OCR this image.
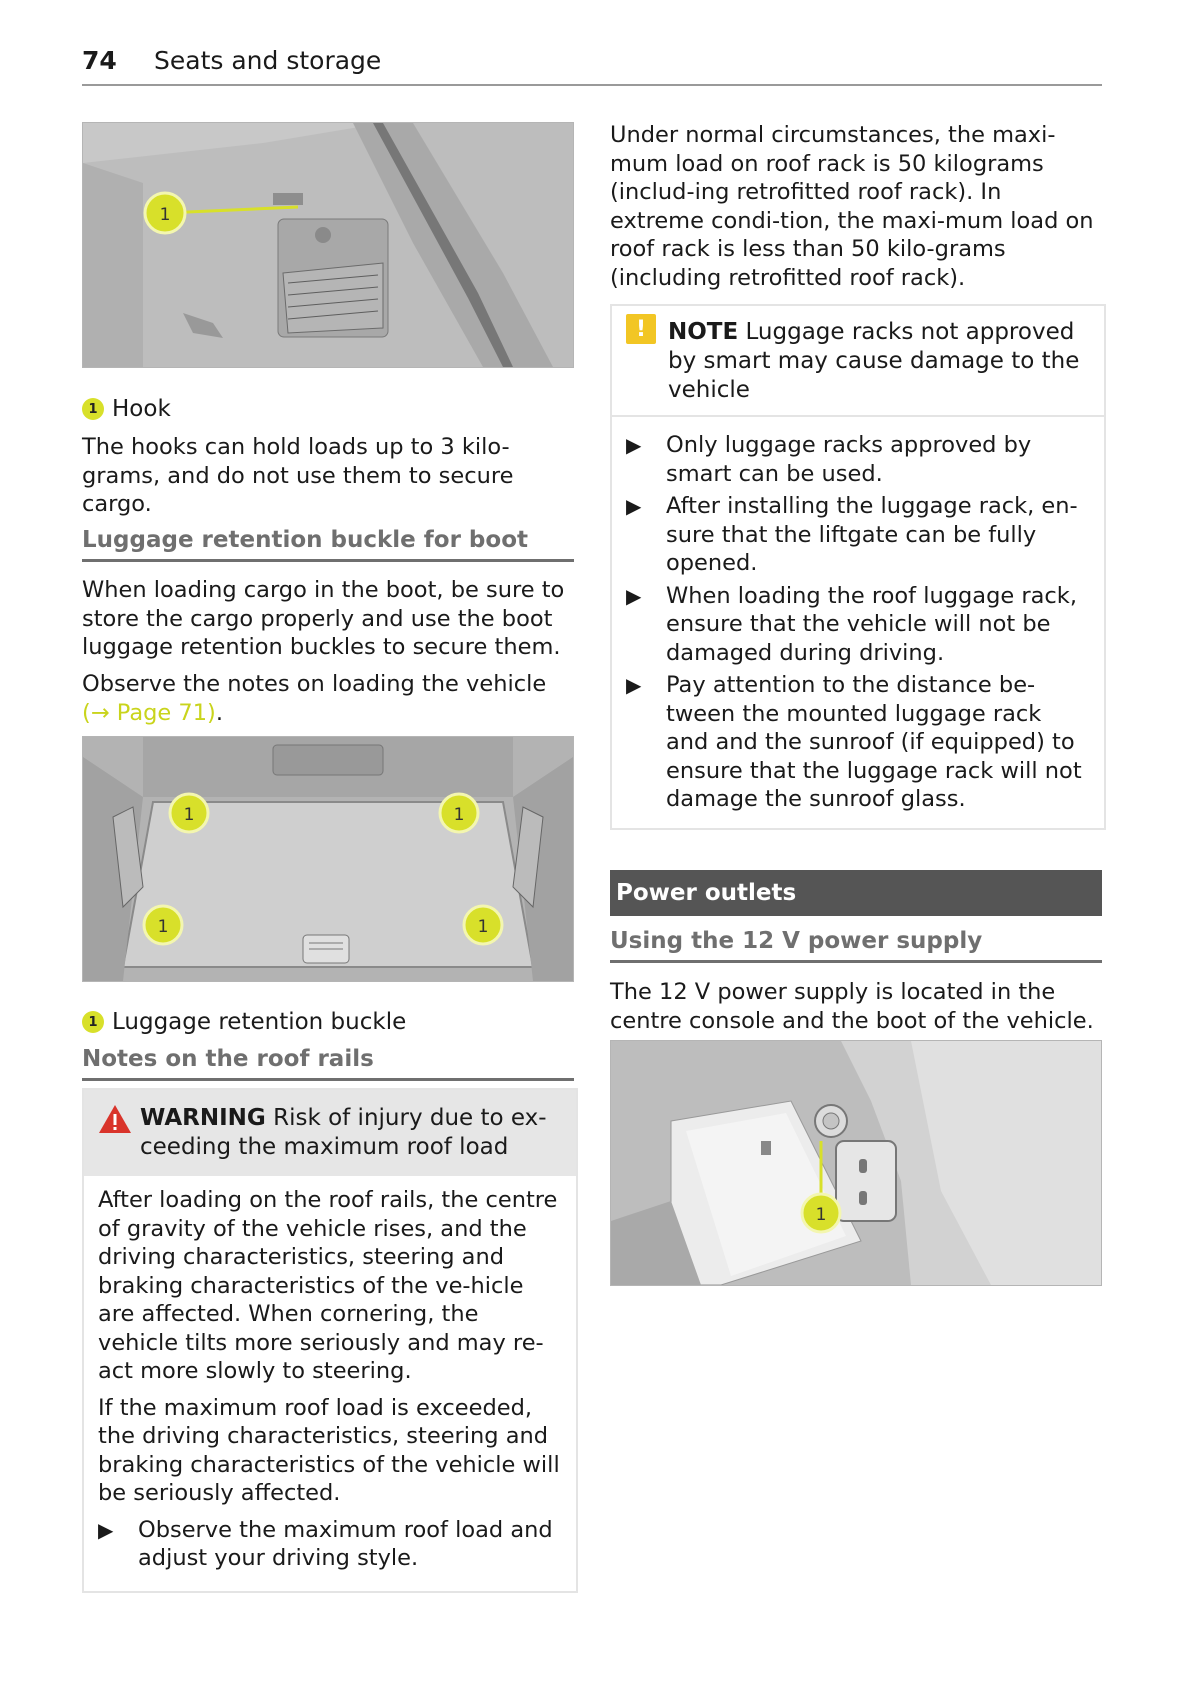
74 Seats and storage
1
1 Hook

The hooks can hold loads up to 3 kilo-grams, and do not use them to secure cargo.

Luggage retention buckle for boot

When loading cargo in the boot, be sure to store the cargo properly and use the boot luggage retention buckles to secure them.

Observe the notes on loading the vehicle
(→ Page 71).

1	1
1	1
1 Luggage retention buckle
Notes on the roof rails
WARNING Risk of injury due to ex-ceeding the maximum roof load

After loading on the roof rails, the centre of gravity of the vehicle rises, and the driving characteristics, steering and braking characteristics of the ve-hicle are affected. When cornering, the vehicle tilts more seriously and may re-act more slowly to steering.

If the maximum roof load is exceeded, the driving characteristics, steering and braking characteristics of the vehicle will be seriously affected.

▶	Observe the maximum roof load and adjust your driving style.

Under normal circumstances, the maxi-mum load on roof rack is 50 kilograms (includ-ing retrofitted roof rack). In extreme condi-tion, the maxi-mum load on roof rack is less than 50 kilo-grams (including retrofitted roof rack).

! NOTE Luggage racks not approved by smart may cause damage to the vehicle
▶	Only luggage racks approved by smart can be used.
▶	After installing the luggage rack, en-sure that the liftgate can be fully opened.
▶	When loading the roof luggage rack, ensure that the vehicle will not be damaged during driving.
▶	Pay attention to the distance be-tween the mounted luggage rack and and the sunroof (if equipped) to ensure that the luggage rack will not damage the sunroof glass.
Power outlets
Using the 12 V power supply

The 12 V power supply is located in the centre console and the boot of the vehicle.

1
